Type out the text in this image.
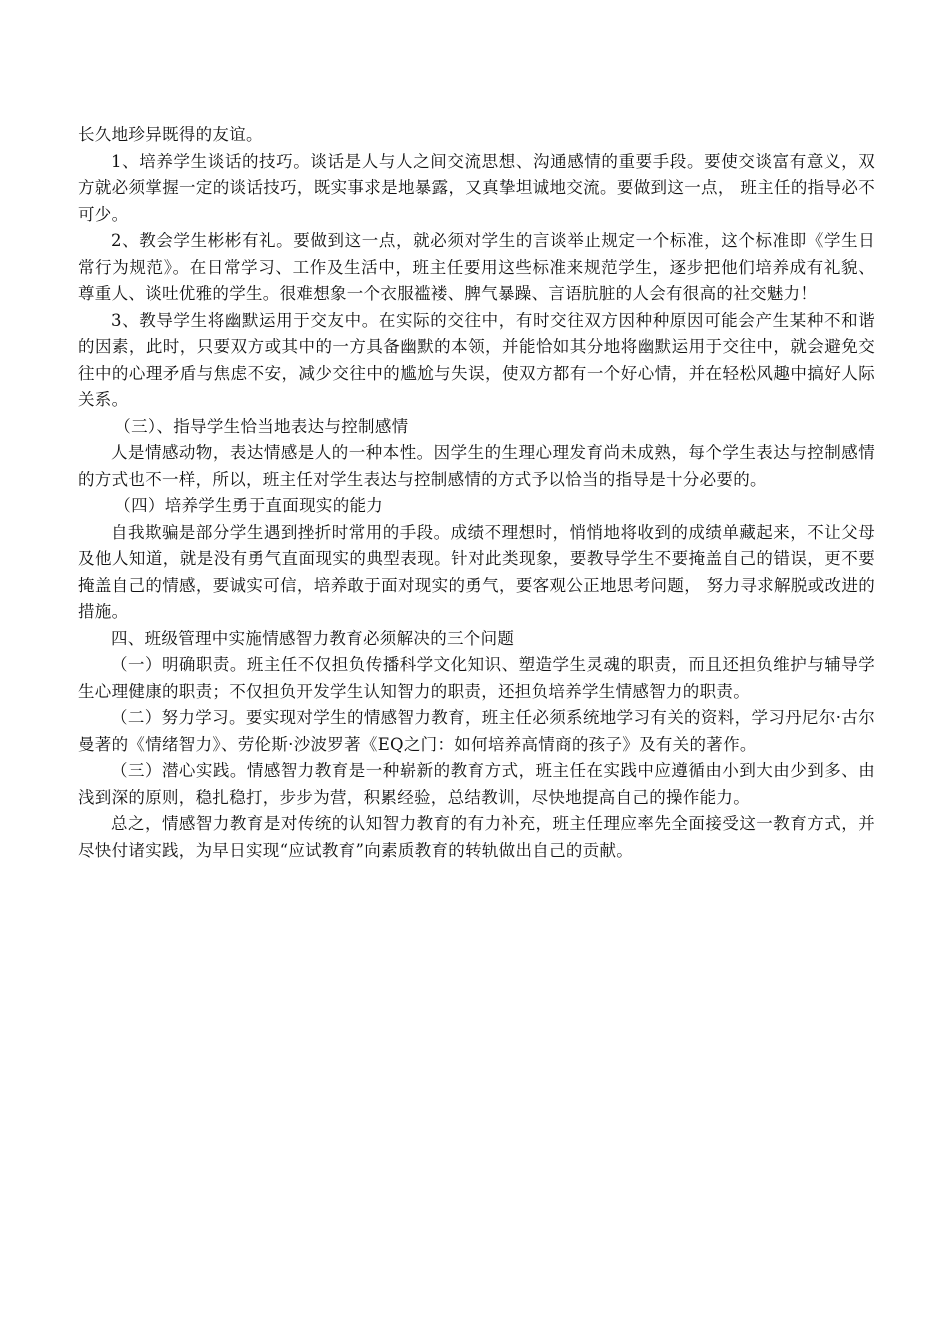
长久地珍异既得的友谊。

1、培养学生谈话的技巧。谈话是人与人之间交流思想、沟通感情的重要手段。要使交谈富有意义，双方就必须掌握一定的谈话技巧，既实事求是地暴露，又真挚坦诚地交流。要做到这一点， 班主任的指导必不可少。

2、教会学生彬彬有礼。要做到这一点，就必须对学生的言谈举止规定一个标准，这个标准即《学生日常行为规范》。在日常学习、工作及生活中，班主任要用这些标准来规范学生，逐步把他们培养成有礼貌、尊重人、谈吐优雅的学生。很难想象一个衣服褴褛、脾气暴躁、言语肮脏的人会有很高的社交魅力！

3、教导学生将幽默运用于交友中。在实际的交往中，有时交往双方因种种原因可能会产生某种不和谐的因素，此时，只要双方或其中的一方具备幽默的本领，并能恰如其分地将幽默运用于交往中，就会避免交往中的心理矛盾与焦虑不安，减少交往中的尴尬与失误，使双方都有一个好心情，并在轻松风趣中搞好人际关系。

（三）、指导学生恰当地表达与控制感情

人是情感动物，表达情感是人的一种本性。因学生的生理心理发育尚未成熟，每个学生表达与控制感情的方式也不一样，所以，班主任对学生表达与控制感情的方式予以恰当的指导是十分必要的。

（四）培养学生勇于直面现实的能力

自我欺骗是部分学生遇到挫折时常用的手段。成绩不理想时，悄悄地将收到的成绩单藏起来，不让父母及他人知道，就是没有勇气直面现实的典型表现。针对此类现象，要教导学生不要掩盖自己的错误，更不要掩盖自己的情感，要诚实可信，培养敢于面对现实的勇气，要客观公正地思考问题， 努力寻求解脱或改进的措施。

四、班级管理中实施情感智力教育必须解决的三个问题

（一）明确职责。班主任不仅担负传播科学文化知识、塑造学生灵魂的职责，而且还担负维护与辅导学生心理健康的职责；不仅担负开发学生认知智力的职责，还担负培养学生情感智力的职责。

（二）努力学习。要实现对学生的情感智力教育，班主任必须系统地学习有关的资料，学习丹尼尔·古尔曼著的《情绪智力》、劳伦斯·沙波罗著《EQ之门：如何培养高情商的孩子》及有关的著作。

（三）潜心实践。情感智力教育是一种崭新的教育方式，班主任在实践中应遵循由小到大由少到多、由浅到深的原则，稳扎稳打，步步为营，积累经验，总结教训，尽快地提高自己的操作能力。

总之，情感智力教育是对传统的认知智力教育的有力补充，班主任理应率先全面接受这一教育方式，并尽快付诸实践，为早日实现“应试教育”向素质教育的转轨做出自己的贡献。
